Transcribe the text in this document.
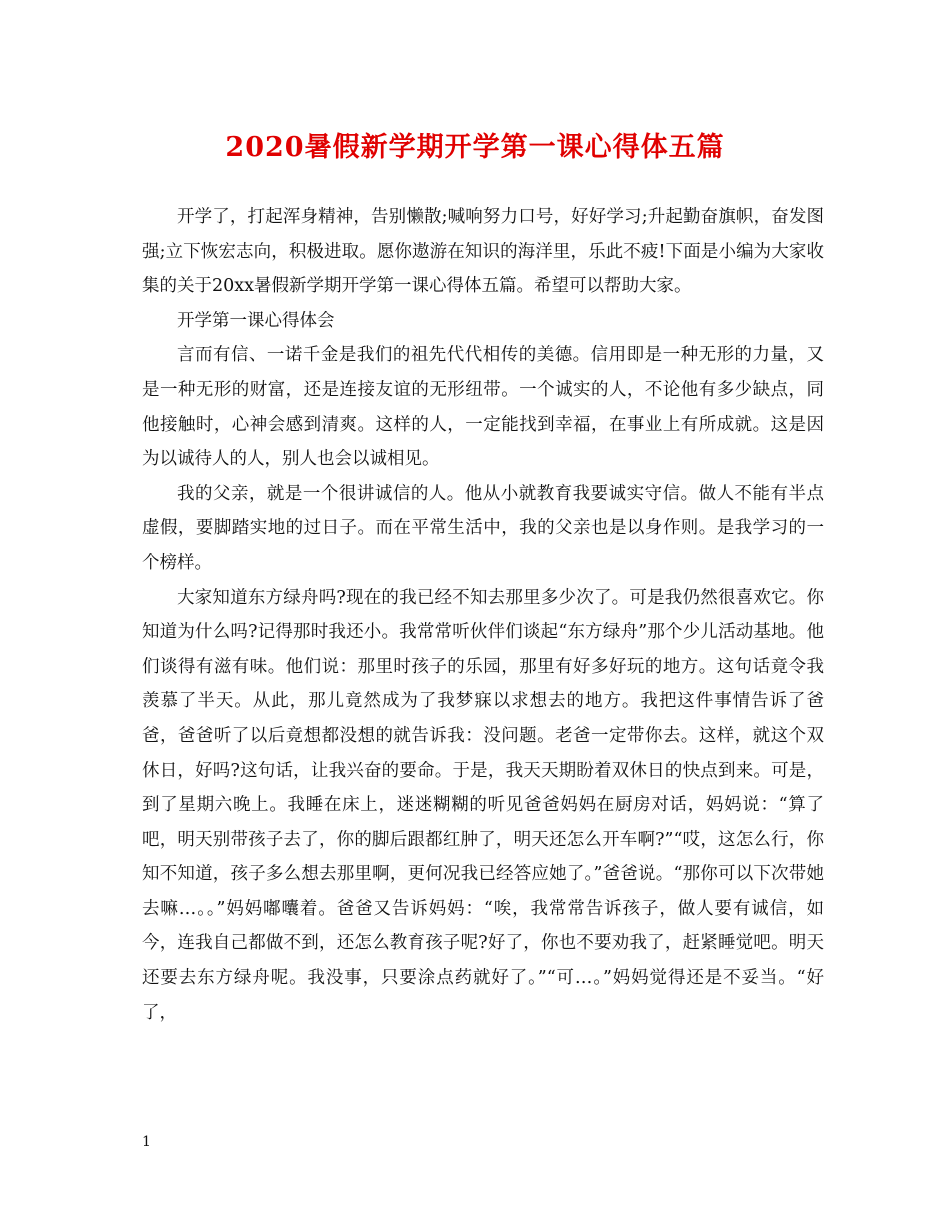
2020暑假新学期开学第一课心得体五篇

开学了，打起浑身精神，告别懒散;喊响努力口号，好好学习;升起勤奋旗帜，奋发图强;立下恢宏志向，积极进取。愿你遨游在知识的海洋里，乐此不疲!下面是小编为大家收集的关于20xx暑假新学期开学第一课心得体五篇。希望可以帮助大家。

开学第一课心得体会

言而有信、一诺千金是我们的祖先代代相传的美德。信用即是一种无形的力量，又是一种无形的财富，还是连接友谊的无形纽带。一个诚实的人，不论他有多少缺点，同他接触时，心神会感到清爽。这样的人，一定能找到幸福，在事业上有所成就。这是因为以诚待人的人，别人也会以诚相见。

我的父亲，就是一个很讲诚信的人。他从小就教育我要诚实守信。做人不能有半点虚假，要脚踏实地的过日子。而在平常生活中，我的父亲也是以身作则。是我学习的一个榜样。

大家知道东方绿舟吗?现在的我已经不知去那里多少次了。可是我仍然很喜欢它。你知道为什么吗?记得那时我还小。我常常听伙伴们谈起“东方绿舟”那个少儿活动基地。他们谈得有滋有味。他们说：那里时孩子的乐园，那里有好多好玩的地方。这句话竟令我羡慕了半天。从此，那儿竟然成为了我梦寐以求想去的地方。我把这件事情告诉了爸爸，爸爸听了以后竟想都没想的就告诉我：没问题。老爸一定带你去。这样，就这个双休日，好吗?这句话，让我兴奋的要命。于是，我天天期盼着双休日的快点到来。可是，到了星期六晚上。我睡在床上，迷迷糊糊的听见爸爸妈妈在厨房对话，妈妈说：“算了吧，明天别带孩子去了，你的脚后跟都红肿了，明天还怎么开车啊?”“哎，这怎么行，你知不知道，孩子多么想去那里啊，更何况我已经答应她了。”爸爸说。“那你可以下次带她去嘛…。。”妈妈嘟囔着。爸爸又告诉妈妈：“唉，我常常告诉孩子，做人要有诚信，如今，连我自己都做不到，还怎么教育孩子呢?好了，你也不要劝我了，赶紧睡觉吧。明天还要去东方绿舟呢。我没事，只要涂点药就好了。”“可…。”妈妈觉得还是不妥当。“好了，

1
